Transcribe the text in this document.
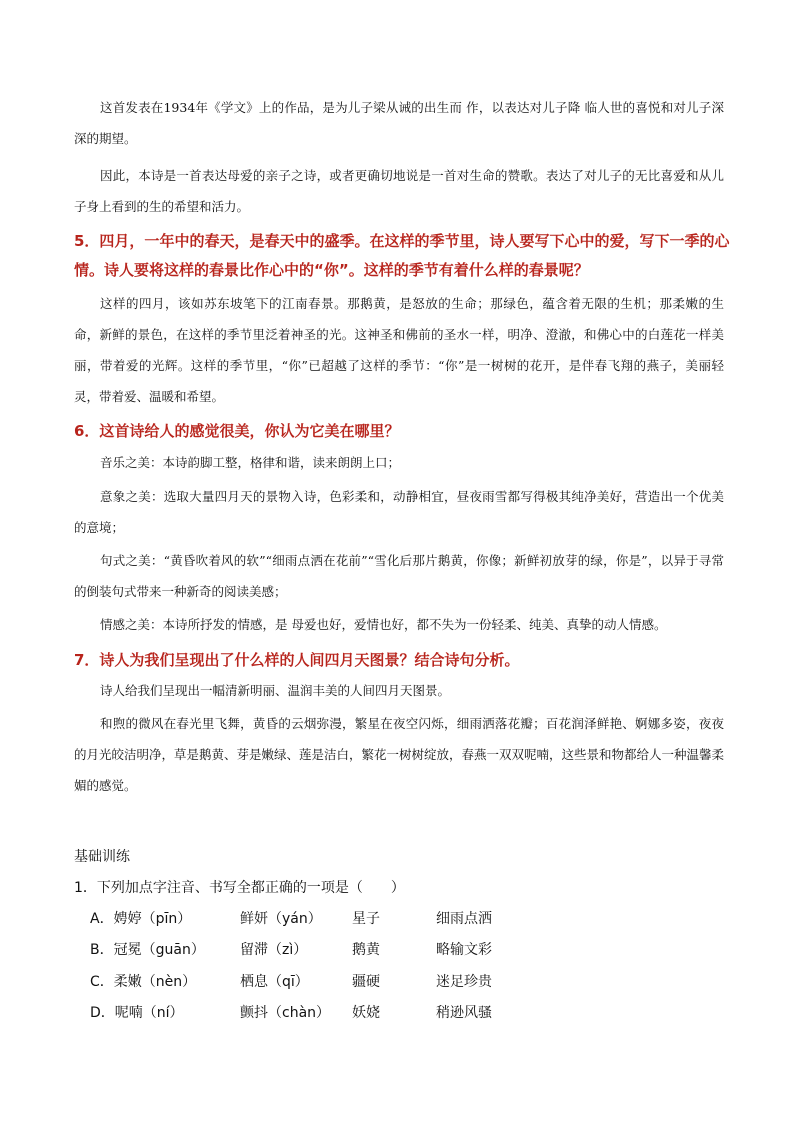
这首发表在1934年《学文》上的作品，是为儿子梁从诫的出生而 作，以表达对儿子降 临人世的喜悦和对儿子深深的期望。

因此，本诗是一首表达母爱的亲子之诗，或者更确切地说是一首对生命的赞歌。表达了对儿子的无比喜爱和从儿子身上看到的生的希望和活力。

5．四月，一年中的春天，是春天中的盛季。在这样的季节里，诗人要写下心中的爱，写下一季的心情。诗人要将这样的春景比作心中的“你”。这样的季节有着什么样的春景呢？

这样的四月，该如苏东坡笔下的江南春景。那鹅黄，是怒放的生命；那绿色，蕴含着无限的生机；那柔嫩的生命，新鲜的景色，在这样的季节里泛着神圣的光。这神圣和佛前的圣水一样，明净、澄澈，和佛心中的白莲花一样美丽，带着爱的光辉。这样的季节里，“你”已超越了这样的季节：“你”是一树树的花开，是伴春飞翔的燕子，美丽轻灵，带着爱、温暖和希望。

6．这首诗给人的感觉很美，你认为它美在哪里？

音乐之美：本诗韵脚工整，格律和谐，读来朗朗上口；

意象之美：选取大量四月天的景物入诗，色彩柔和，动静相宜，昼夜雨雪都写得极其纯净美好，营造出一个优美的意境；

句式之美：“黄昏吹着风的软”“细雨点洒在花前”“雪化后那片鹅黄，你像；新鲜初放芽的绿，你是”，以异于寻常的倒装句式带来一种新奇的阅读美感；

情感之美：本诗所抒发的情感，是 母爱也好，爱情也好，都不失为一份轻柔、纯美、真挚的动人情感。

7．诗人为我们呈现出了什么样的人间四月天图景？结合诗句分析。

诗人给我们呈现出一幅清新明丽、温润丰美的人间四月天图景。

和煦的微风在春光里飞舞，黄昏的云烟弥漫，繁星在夜空闪烁，细雨洒落花瓣；百花润泽鲜艳、婀娜多姿，夜夜的月光皎洁明净，草是鹅黄、芽是嫩绿、莲是洁白，繁花一树树绽放，春燕一双双呢喃，这些景和物都给人一种温馨柔媚的感觉。

基础训练

1．下列加点字注音、书写全都正确的一项是（　　）

A．娉婷（pīn）	鲜妍（yán） 星子	细雨点洒
B．冠冕（guān）	留滞（zì）	鹅黄	略输文彩
C．柔嫩（nèn）	栖息（qī）	疆硬	迷足珍贵
D．呢喃（ní）	颤抖（chàn） 妖娆	稍逊风骚
